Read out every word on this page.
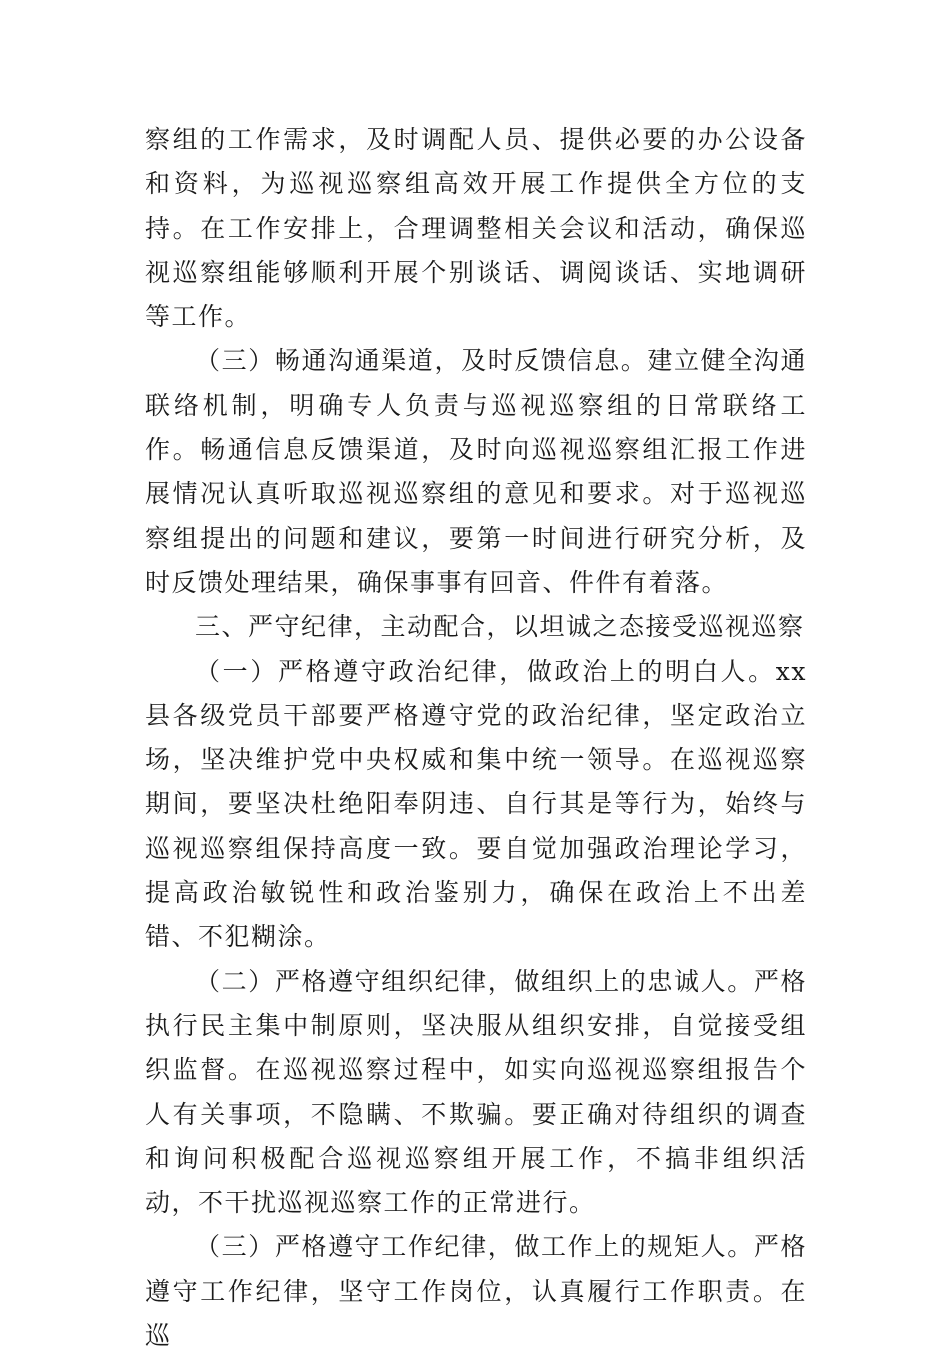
察组的工作需求，及时调配人员、提供必要的办公设备和资料，为巡视巡察组高效开展工作提供全方位的支持。在工作安排上，合理调整相关会议和活动，确保巡视巡察组能够顺利开展个别谈话、调阅谈话、实地调研等工作。

（三）畅通沟通渠道，及时反馈信息。建立健全沟通联络机制，明确专人负责与巡视巡察组的日常联络工作。畅通信息反馈渠道，及时向巡视巡察组汇报工作进展情况认真听取巡视巡察组的意见和要求。对于巡视巡察组提出的问题和建议，要第一时间进行研究分析，及时反馈处理结果，确保事事有回音、件件有着落。

三、严守纪律，主动配合，以坦诚之态接受巡视巡察

（一）严格遵守政治纪律，做政治上的明白人。xx县各级党员干部要严格遵守党的政治纪律，坚定政治立场，坚决维护党中央权威和集中统一领导。在巡视巡察期间，要坚决杜绝阳奉阴违、自行其是等行为，始终与巡视巡察组保持高度一致。要自觉加强政治理论学习，提高政治敏锐性和政治鉴别力，确保在政治上不出差错、不犯糊涂。

（二）严格遵守组织纪律，做组织上的忠诚人。严格执行民主集中制原则，坚决服从组织安排，自觉接受组织监督。在巡视巡察过程中，如实向巡视巡察组报告个人有关事项，不隐瞒、不欺骗。要正确对待组织的调查和询问积极配合巡视巡察组开展工作，不搞非组织活动，不干扰巡视巡察工作的正常进行。

（三）严格遵守工作纪律，做工作上的规矩人。严格遵守工作纪律，坚守工作岗位，认真履行工作职责。在巡
